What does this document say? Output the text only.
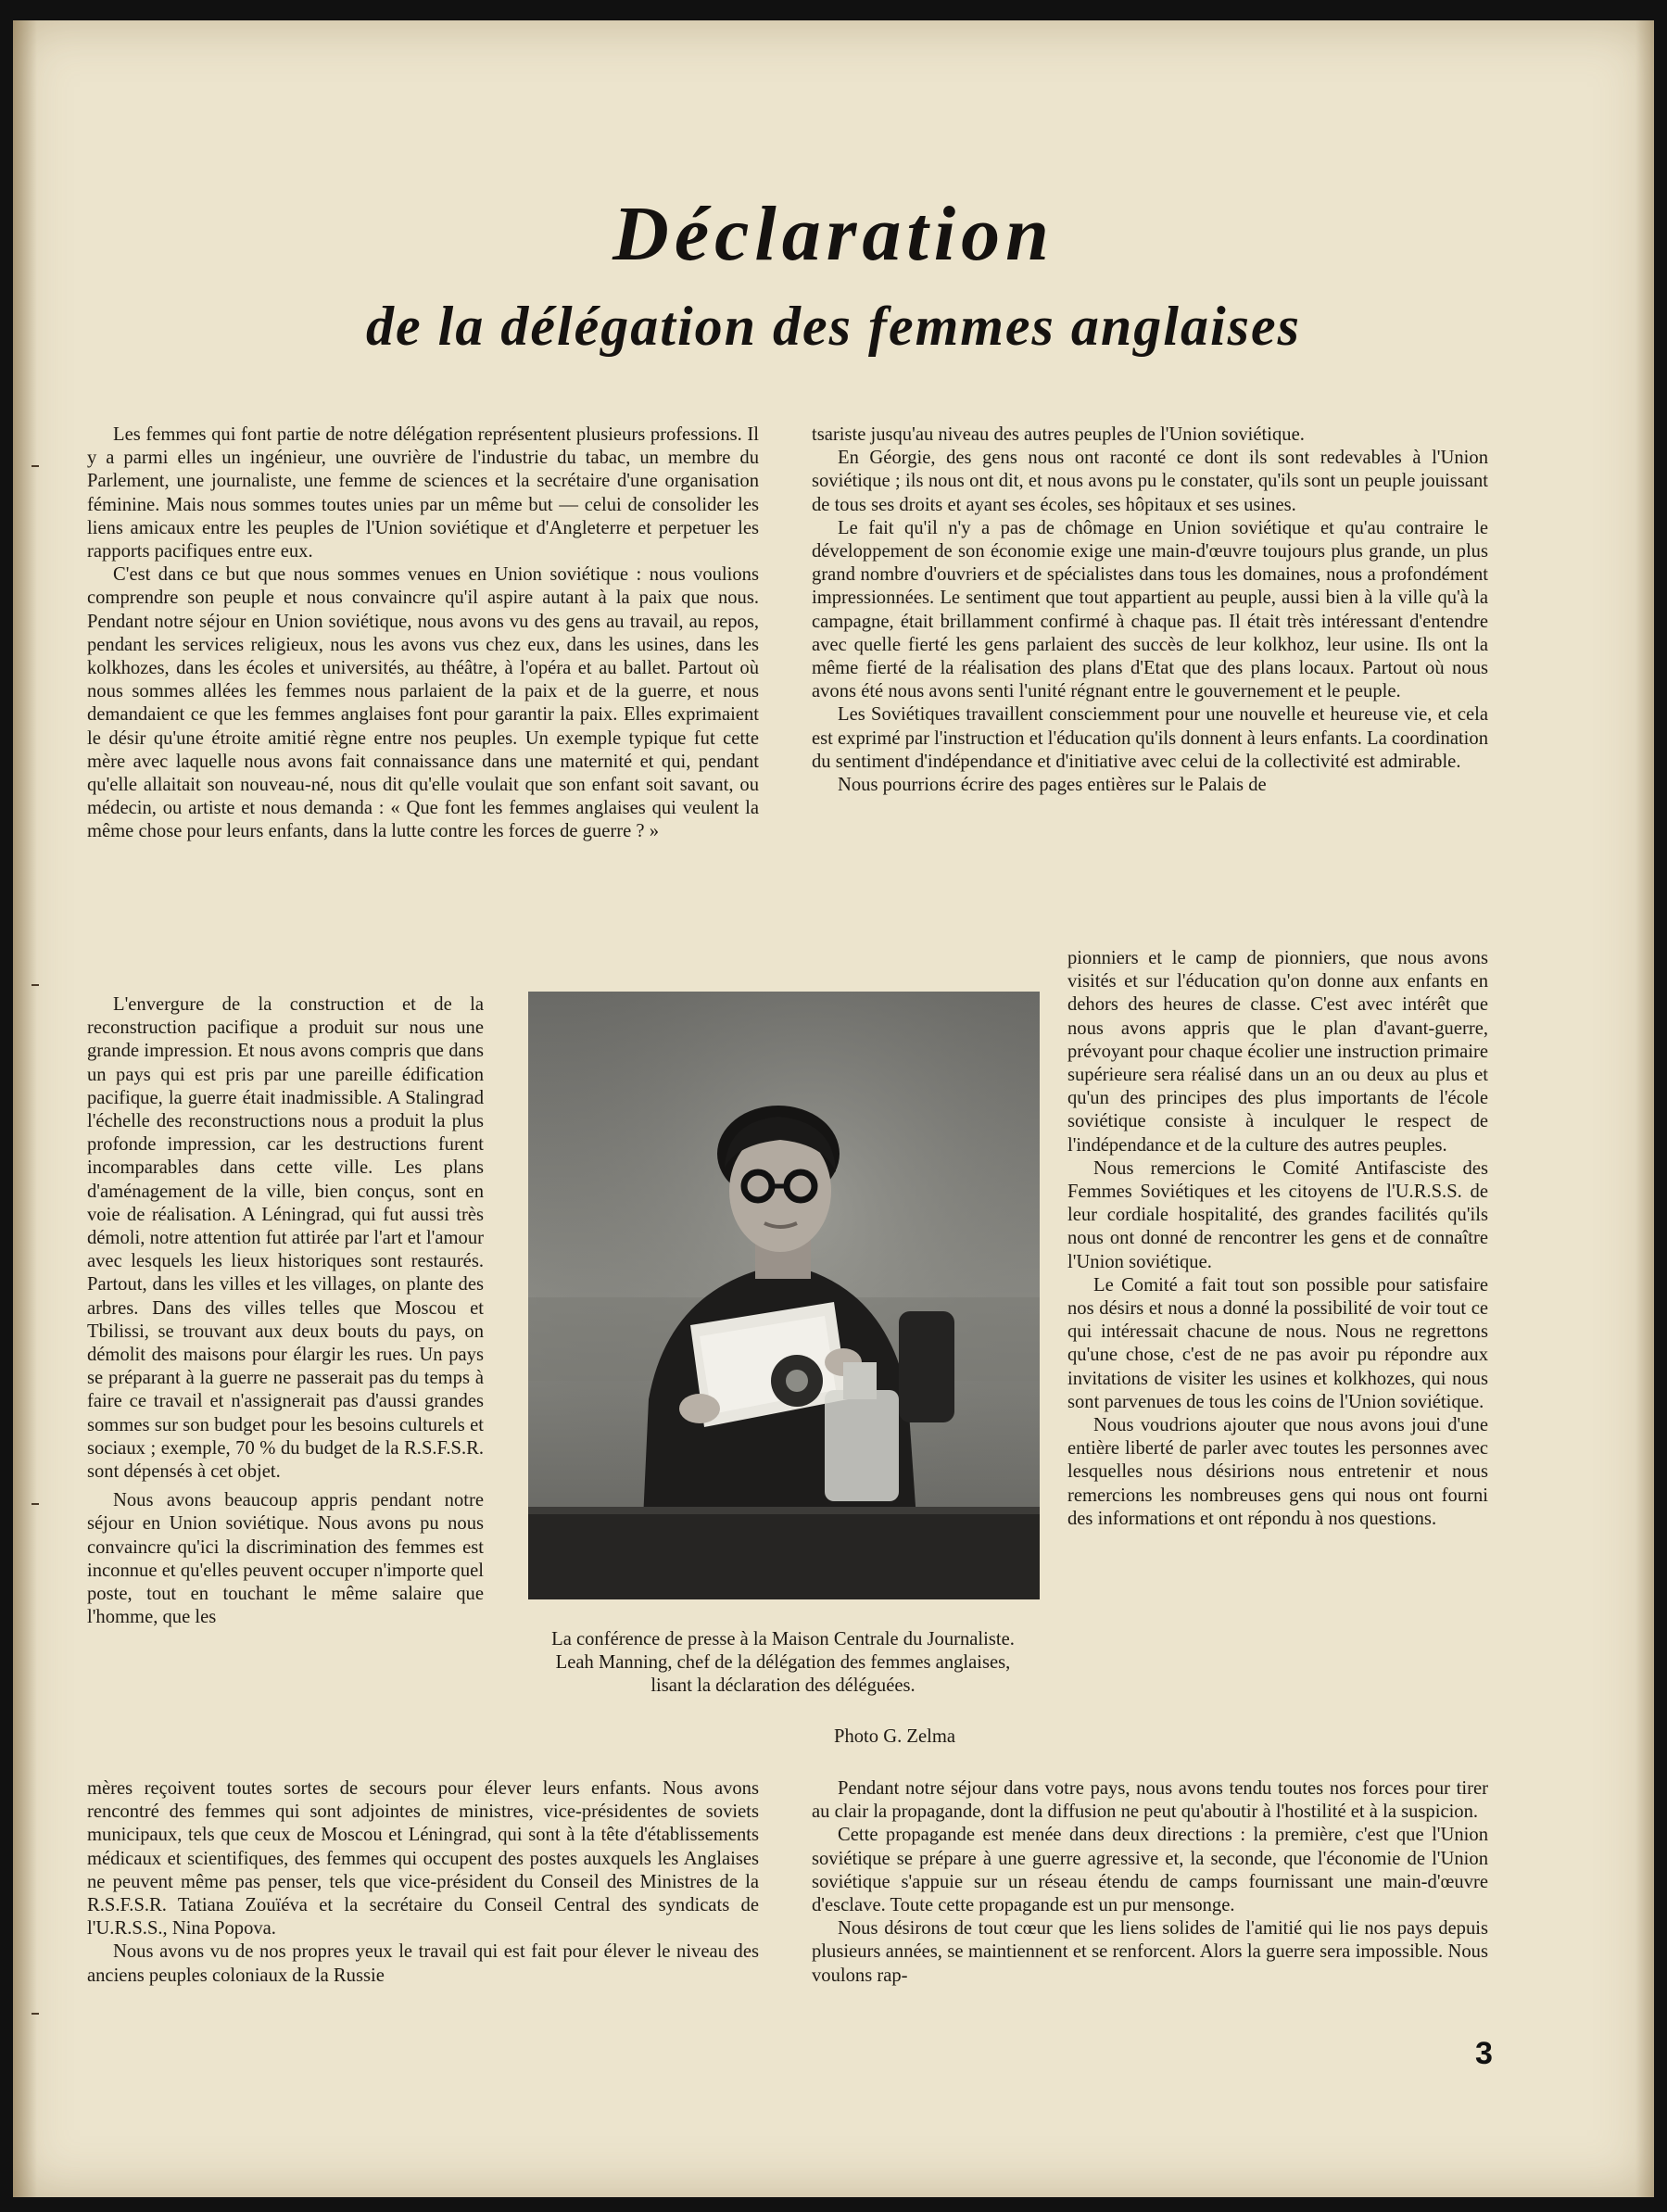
Déclaration
de la délégation des femmes anglaises

Les femmes qui font partie de notre délégation représentent plusieurs professions. Il y a parmi elles un ingénieur, une ouvrière de l'industrie du tabac, un membre du Parlement, une journaliste, une femme de sciences et la secrétaire d'une organisation féminine. Mais nous sommes toutes unies par un même but — celui de consolider les liens amicaux entre les peuples de l'Union soviétique et d'Angleterre et perpetuer les rapports pacifiques entre eux.

C'est dans ce but que nous sommes venues en Union soviétique : nous voulions comprendre son peuple et nous convaincre qu'il aspire autant à la paix que nous. Pendant notre séjour en Union soviétique, nous avons vu des gens au travail, au repos, pendant les services religieux, nous les avons vus chez eux, dans les usines, dans les kolkhozes, dans les écoles et universités, au théâtre, à l'opéra et au ballet. Partout où nous sommes allées les femmes nous parlaient de la paix et de la guerre, et nous demandaient ce que les femmes anglaises font pour garantir la paix. Elles exprimaient le désir qu'une étroite amitié règne entre nos peuples. Un exemple typique fut cette mère avec laquelle nous avons fait connaissance dans une maternité et qui, pendant qu'elle allaitait son nouveau-né, nous dit qu'elle voulait que son enfant soit savant, ou médecin, ou artiste et nous demanda : « Que font les femmes anglaises qui veulent la même chose pour leurs enfants, dans la lutte contre les forces de guerre ? »

L'envergure de la construction et de la reconstruction pacifique a produit sur nous une grande impression. Et nous avons compris que dans un pays qui est pris par une pareille édification pacifique, la guerre était inadmissible. A Stalingrad l'échelle des reconstructions nous a produit la plus profonde impression, car les destructions furent incomparables dans cette ville. Les plans d'aménagement de la ville, bien conçus, sont en voie de réalisation. A Léningrad, qui fut aussi très démoli, notre attention fut attirée par l'art et l'amour avec lesquels les lieux historiques sont restaurés. Partout, dans les villes et les villages, on plante des arbres. Dans des villes telles que Moscou et Tbilissi, se trouvant aux deux bouts du pays, on démolit des maisons pour élargir les rues. Un pays se préparant à la guerre ne passerait pas du temps à faire ce travail et n'assignerait pas d'aussi grandes sommes sur son budget pour les besoins culturels et sociaux ; exemple, 70 % du budget de la R.S.F.S.R. sont dépensés à cet objet.

Nous avons beaucoup appris pendant notre séjour en Union soviétique. Nous avons pu nous convaincre qu'ici la discrimination des femmes est inconnue et qu'elles peuvent occuper n'importe quel poste, tout en touchant le même salaire que l'homme, que les

mères reçoivent toutes sortes de secours pour élever leurs enfants. Nous avons rencontré des femmes qui sont adjointes de ministres, vice-présidentes de soviets municipaux, tels que ceux de Moscou et Léningrad, qui sont à la tête d'établissements médicaux et scientifiques, des femmes qui occupent des postes auxquels les Anglaises ne peuvent même pas penser, tels que vice-président du Conseil des Ministres de la R.S.F.S.R. Tatiana Zouïéva et la secrétaire du Conseil Central des syndicats de l'U.R.S.S., Nina Popova.

Nous avons vu de nos propres yeux le travail qui est fait pour élever le niveau des anciens peuples coloniaux de la Russie

tsariste jusqu'au niveau des autres peuples de l'Union soviétique.

En Géorgie, des gens nous ont raconté ce dont ils sont redevables à l'Union soviétique ; ils nous ont dit, et nous avons pu le constater, qu'ils sont un peuple jouissant de tous ses droits et ayant ses écoles, ses hôpitaux et ses usines.

Le fait qu'il n'y a pas de chômage en Union soviétique et qu'au contraire le développement de son économie exige une main-d'œuvre toujours plus grande, un plus grand nombre d'ouvriers et de spécialistes dans tous les domaines, nous a profondément impressionnées. Le sentiment que tout appartient au peuple, aussi bien à la ville qu'à la campagne, était brillamment confirmé à chaque pas. Il était très intéressant d'entendre avec quelle fierté les gens parlaient des succès de leur kolkhoz, leur usine. Ils ont la même fierté de la réalisation des plans d'Etat que des plans locaux. Partout où nous avons été nous avons senti l'unité régnant entre le gouvernement et le peuple.

Les Soviétiques travaillent consciemment pour une nouvelle et heureuse vie, et cela est exprimé par l'instruction et l'éducation qu'ils donnent à leurs enfants. La coordination du sentiment d'indépendance et d'initiative avec celui de la collectivité est admirable.

Nous pourrions écrire des pages entières sur le Palais de

pionniers et le camp de pionniers, que nous avons visités et sur l'éducation qu'on donne aux enfants en dehors des heures de classe. C'est avec intérêt que nous avons appris que le plan d'avant-guerre, prévoyant pour chaque écolier une instruction primaire supérieure sera réalisé dans un an ou deux au plus et qu'un des principes des plus importants de l'école soviétique consiste à inculquer le respect de l'indépendance et de la culture des autres peuples.

Nous remercions le Comité Antifasciste des Femmes Soviétiques et les citoyens de l'U.R.S.S. de leur cordiale hospitalité, des grandes facilités qu'ils nous ont donné de rencontrer les gens et de connaître l'Union soviétique.

Le Comité a fait tout son possible pour satisfaire nos désirs et nous a donné la possibilité de voir tout ce qui intéressait chacune de nous. Nous ne regrettons qu'une chose, c'est de ne pas avoir pu répondre aux invitations de visiter les usines et kolkhozes, qui nous sont parvenues de tous les coins de l'Union soviétique.

Nous voudrions ajouter que nous avons joui d'une entière liberté de parler avec toutes les personnes avec lesquelles nous désirions nous entretenir et nous remercions les nombreuses gens qui nous ont fourni des informations et ont répondu à nos questions.

Pendant notre séjour dans votre pays, nous avons tendu toutes nos forces pour tirer au clair la propagande, dont la diffusion ne peut qu'aboutir à l'hostilité et à la suspicion.

Cette propagande est menée dans deux directions : la première, c'est que l'Union soviétique se prépare à une guerre agressive et, la seconde, que l'économie de l'Union soviétique s'appuie sur un réseau étendu de camps fournissant une main-d'œuvre d'esclave. Toute cette propagande est un pur mensonge.

Nous désirons de tout cœur que les liens solides de l'amitié qui lie nos pays depuis plusieurs années, se maintiennent et se renforcent. Alors la guerre sera impossible. Nous voulons rap-

La conférence de presse à la Maison Centrale du Journaliste. Leah Manning, chef de la délégation des femmes anglaises, lisant la déclaration des déléguées.
Photo G. Zelma
3
